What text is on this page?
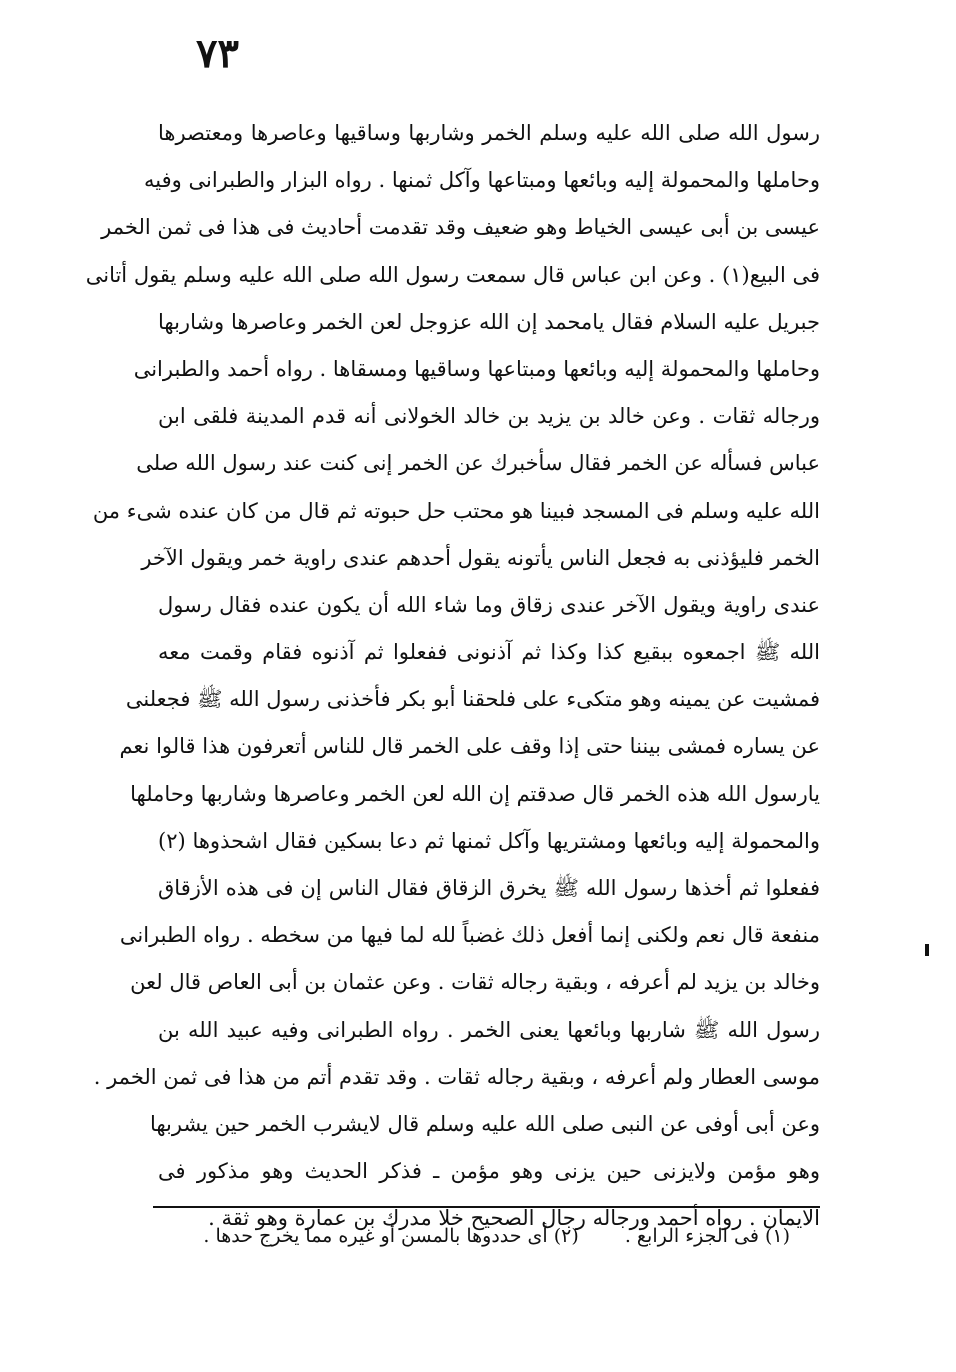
٧٣
رسول الله صلى الله عليه وسلم الخمر وشاربها وساقيها وعاصرها ومعتصرها
وحاملها والمحمولة إليه وبائعها ومبتاعها وآكل ثمنها . رواه البزار والطبرانى وفيه
عيسى بن أبى عيسى الخياط وهو ضعيف وقد تقدمت أحاديث فى هذا فى ثمن الخمر
فى البيع(١) . وعن ابن عباس قال سمعت رسول الله صلى الله عليه وسلم يقول أتانى
جبريل عليه السلام فقال يامحمد إن الله عزوجل لعن الخمر وعاصرها وشاربها
وحاملها والمحمولة إليه وبائعها ومبتاعها وساقيها ومسقاها . رواه أحمد والطبرانى
ورجاله ثقات . وعن خالد بن يزيد بن خالد الخولانى أنه قدم المدينة فلقى ابن
عباس فسأله عن الخمر فقال سأخبرك عن الخمر إنى كنت عند رسول الله صلى
الله عليه وسلم فى المسجد فبينا هو محتب حل حبوته ثم قال من كان عنده شىء من
الخمر فليؤذنى به فجعل الناس يأتونه يقول أحدهم عندى راوية خمر ويقول الآخر
عندى راوية ويقول الآخر عندى زقاق وما شاء الله أن يكون عنده فقال رسول
الله ﷺ اجمعوه ببقيع كذا وكذا ثم آذنونى ففعلوا ثم آذنوه فقام وقمت معه
فمشيت عن يمينه وهو متكىء على فلحقنا أبو بكر فأخذنى رسول الله ﷺ فجعلنى
عن يساره فمشى بيننا حتى إذا وقف على الخمر قال للناس أتعرفون هذا قالوا نعم
يارسول الله هذه الخمر قال صدقتم إن الله لعن الخمر وعاصرها وشاربها وحاملها
والمحمولة إليه وبائعها ومشتريها وآكل ثمنها ثم دعا بسكين فقال اشحذوها (٢)
ففعلوا ثم أخذها رسول الله ﷺ يخرق الزقاق فقال الناس إن فى هذه الأزقاق
منفعة قال نعم ولكنى إنما أفعل ذلك غضباً لله لما فيها من سخطه . رواه الطبرانى
وخالد بن يزيد لم أعرفه ، وبقية رجاله ثقات . وعن عثمان بن أبى العاص قال لعن
رسول الله ﷺ شاربها وبائعها يعنى الخمر . رواه الطبرانى وفيه عبيد الله بن
موسى العطار ولم أعرفه ، وبقية رجاله ثقات . وقد تقدم أتم من هذا فى ثمن الخمر .
وعن أبى أوفى عن النبى صلى الله عليه وسلم قال لايشرب الخمر حين يشربها
وهو مؤمن ولايزنى حين يزنى وهو مؤمن ـ فذكر الحديث وهو مذكور فى
الايمان . رواه أحمد ورجاله رجال الصحيح خلا مدرك بن عمارة وهو ثقة .
(١) فى الجزء الرابع . (٢) أى حددوها بالمسن أو غيره مما يخرج حدها .
